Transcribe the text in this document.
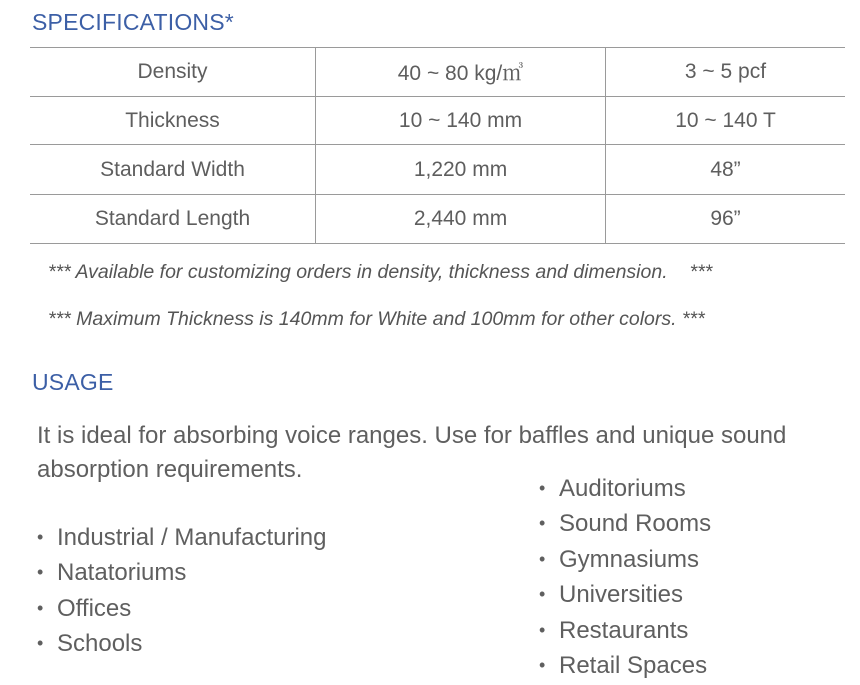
SPECIFICATIONS*
Density	40 ~ 80 kg/㎥	3 ~ 5 pcf
Thickness	10 ~ 140 mm	10 ~ 140 T
Standard Width	1,220 mm	48”
Standard Length	2,440 mm	96”

*** Available for customizing orders in density, thickness and dimension. ***

*** Maximum Thickness is 140mm for White and 100mm for other colors. ***

USAGE

It is ideal for absorbing voice ranges. Use for baffles and unique sound absorption requirements.

• Industrial / Manufacturing
• Natatoriums
• Offices
• Schools
• Auditoriums
• Sound Rooms
• Gymnasiums
• Universities
• Restaurants
• Retail Spaces
